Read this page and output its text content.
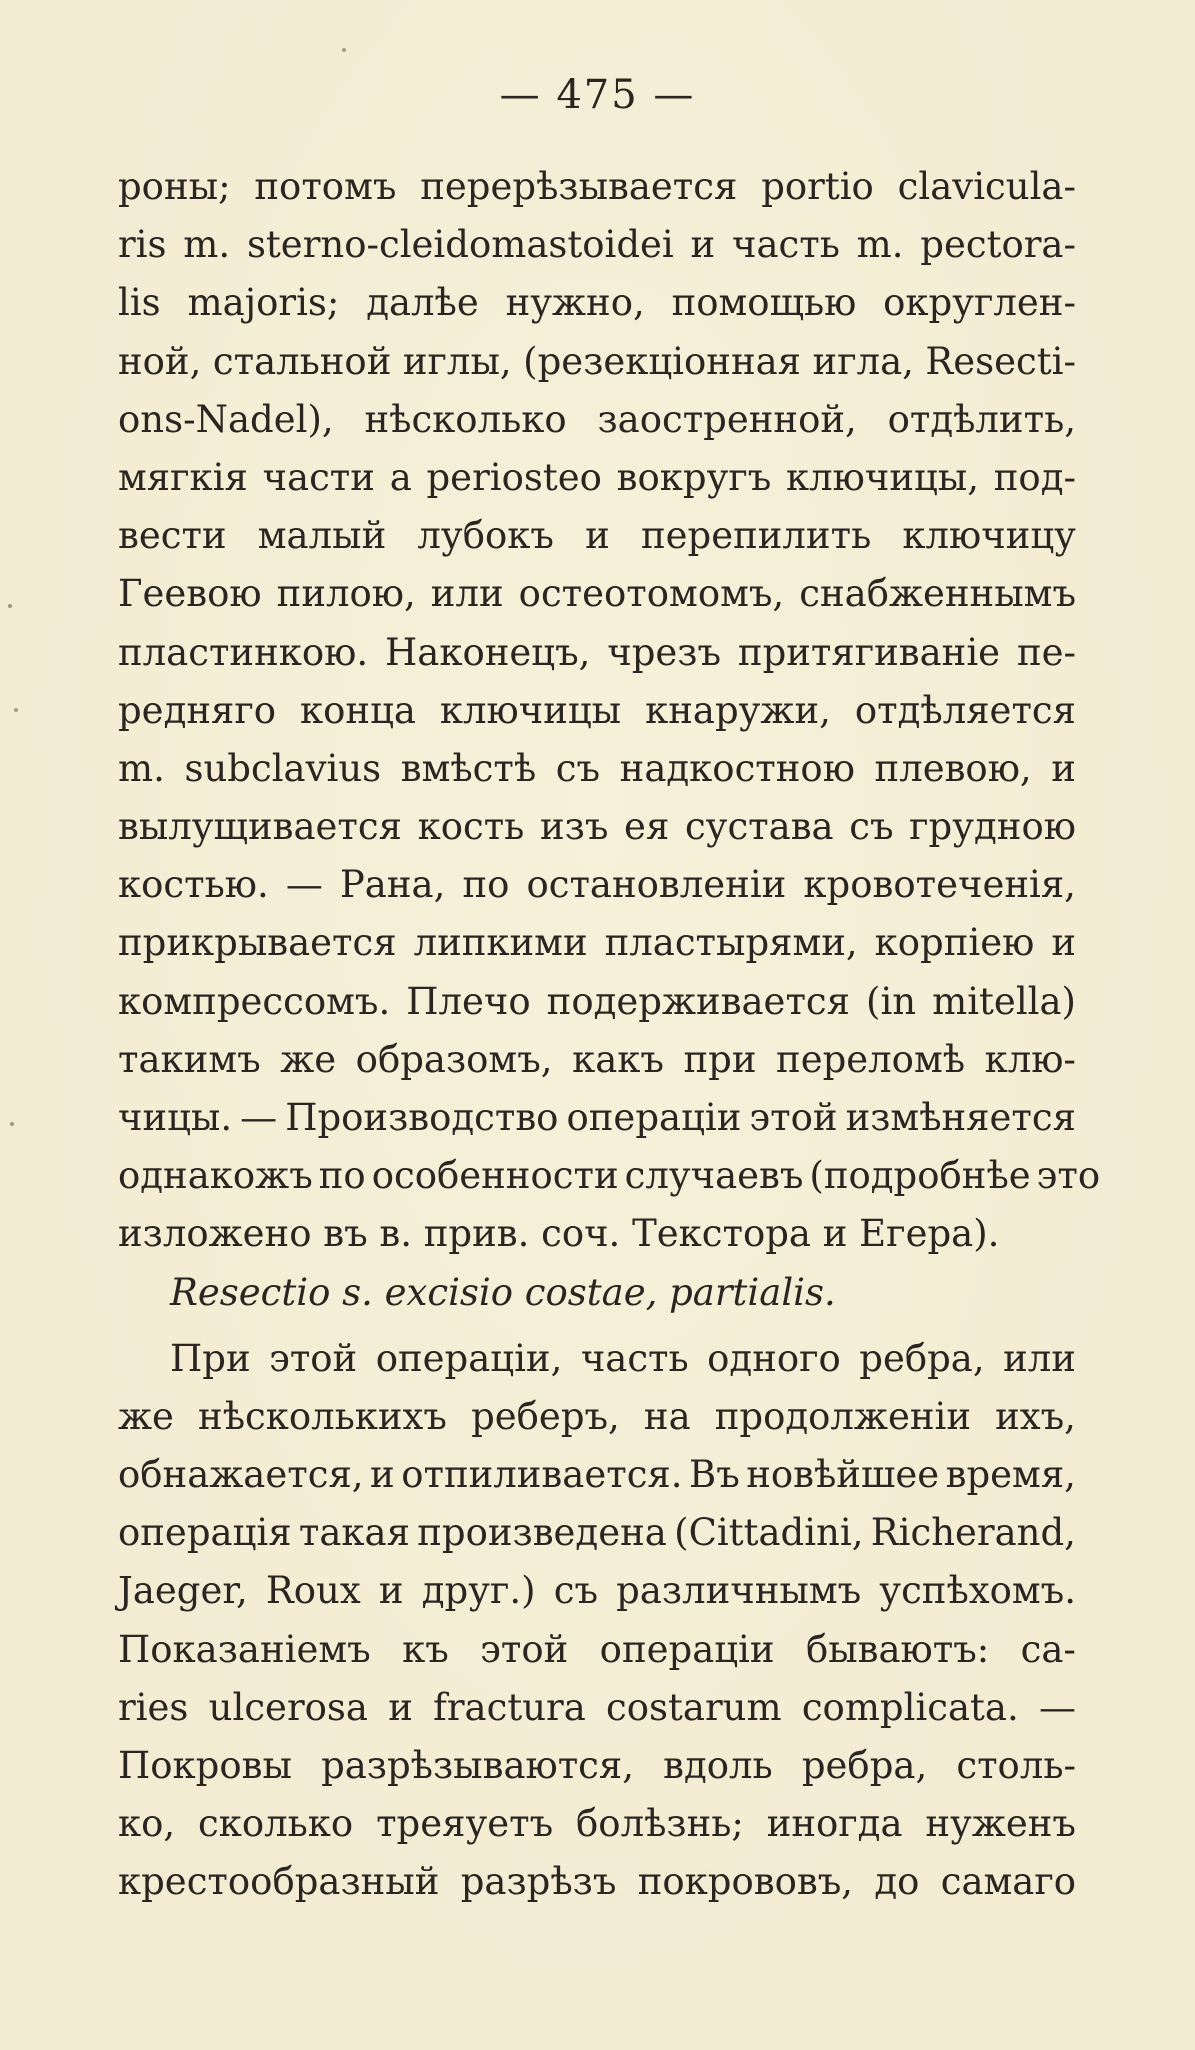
— 475 —
роны; потомъ перерѣзывается portio clavicula-
ris m. sterno-cleidomastoidei и часть m. pectora-
lis majoris; далѣе нужно, помощью округлен-
ной, стальной иглы, (резекціонная игла, Resecti-
ons-Nadel), нѣсколько заостренной, отдѣлить,
мягкія части a periosteo вокругъ ключицы, под-
вести малый лубокъ и перепилить ключицу
Геевою пилою, или остеотомомъ, снабженнымъ
пластинкою. Наконецъ, чрезъ притягиваніе пе-
редняго конца ключицы кнаружи, отдѣляется
m. subclavius вмѣстѣ съ надкостною плевою, и
вылущивается кость изъ ея сустава съ грудною
костью. — Рана, по остановленіи кровотеченія,
прикрывается липкими пластырями, корпіею и
компрессомъ. Плечо подерживается (in mitella)
такимъ же образомъ, какъ при переломѣ клю-
чицы. — Производство операціи этой измѣняется
однакожъ по особенности случаевъ (подробнѣе это
изложено въ в. прив. соч. Текстора и Егера).
Resectio s. excisio costae, partialis.
При этой операціи, часть одного ребра, или
же нѣсколькихъ реберъ, на продолженіи ихъ,
обнажается, и отпиливается. Въ новѣйшее время,
операція такая произведена (Cittadini, Richerand,
Jaeger, Roux и друг.) съ различнымъ успѣхомъ.
Показаніемъ къ этой операціи бываютъ: ca-
ries ulcerosa и fractura costarum complicata. —
Покровы разрѣзываются, вдоль ребра, столь-
ко, сколько треяуетъ болѣзнь; иногда нуженъ
крестообразный разрѣзъ покрововъ, до самаго
